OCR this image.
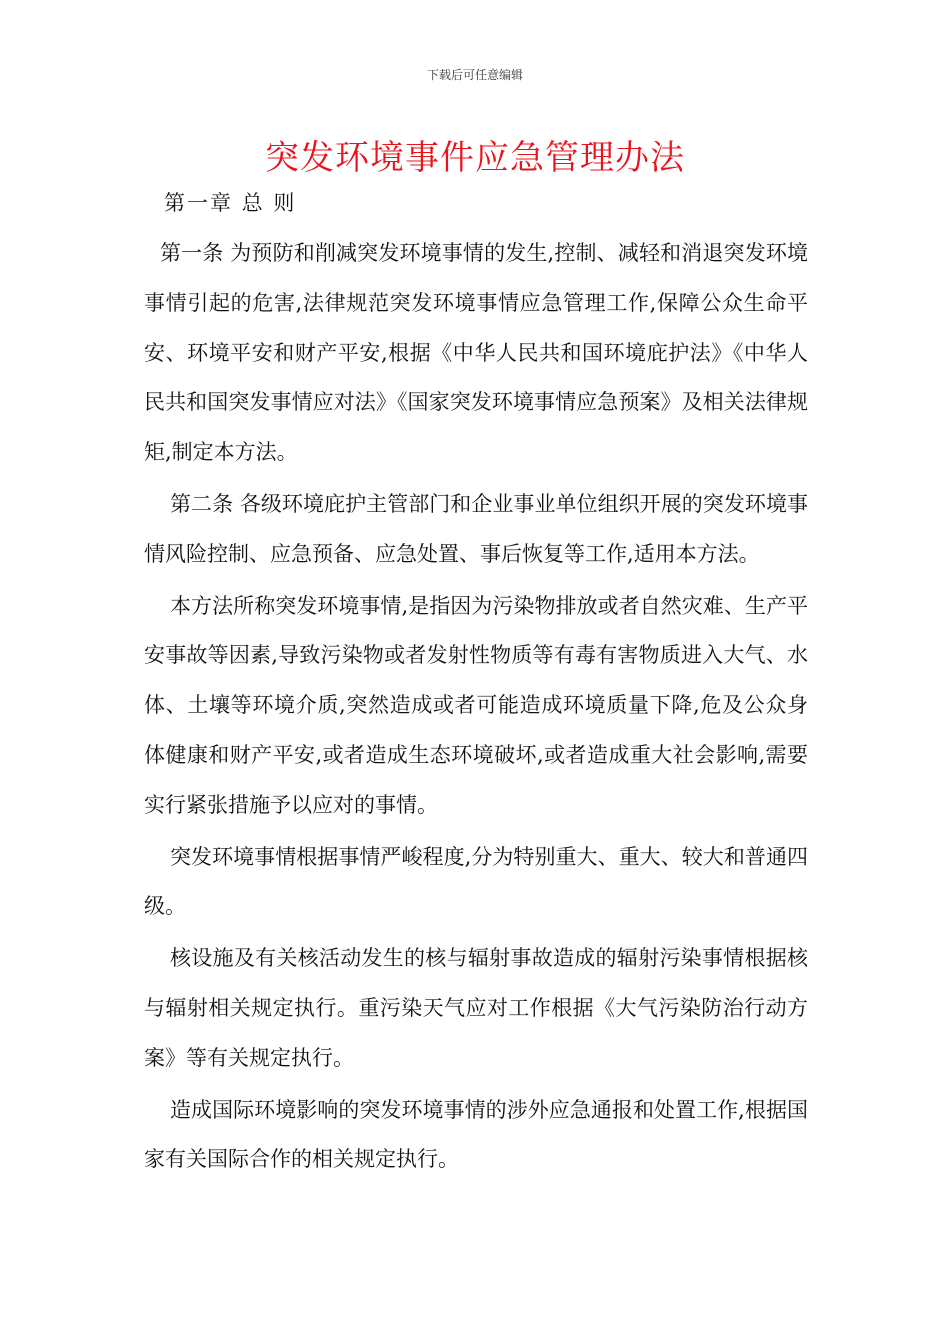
下载后可任意编辑
突发环境事件应急管理办法
第一章 总 则

第一条 为预防和削减突发环境事情的发生,控制、减轻和消退突发环境事情引起的危害,法律规范突发环境事情应急管理工作,保障公众生命平安、环境平安和财产平安,根据《中华人民共和国环境庇护法》《中华人民共和国突发事情应对法》《国家突发环境事情应急预案》及相关法律规矩,制定本方法。

第二条 各级环境庇护主管部门和企业事业单位组织开展的突发环境事情风险控制、应急预备、应急处置、事后恢复等工作,适用本方法。

本方法所称突发环境事情,是指因为污染物排放或者自然灾难、生产平安事故等因素,导致污染物或者发射性物质等有毒有害物质进入大气、水体、土壤等环境介质,突然造成或者可能造成环境质量下降,危及公众身体健康和财产平安,或者造成生态环境破坏,或者造成重大社会影响,需要实行紧张措施予以应对的事情。

突发环境事情根据事情严峻程度,分为特别重大、重大、较大和普通四级。

核设施及有关核活动发生的核与辐射事故造成的辐射污染事情根据核与辐射相关规定执行。重污染天气应对工作根据《大气污染防治行动方案》等有关规定执行。

造成国际环境影响的突发环境事情的涉外应急通报和处置工作,根据国家有关国际合作的相关规定执行。
